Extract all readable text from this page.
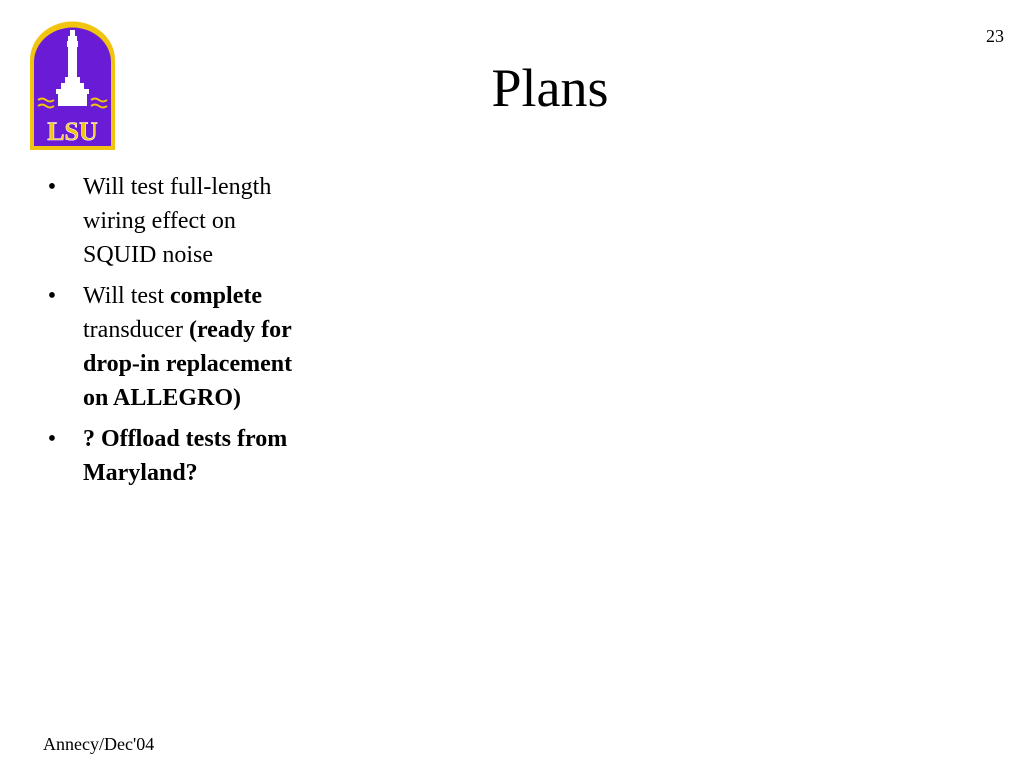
LSU
23
Plans
• Will test full-length wiring effect on SQUID noise
• Will test complete transducer (ready for drop-in replacement on ALLEGRO)
• ? Offload tests from Maryland?
Annecy/Dec'04
